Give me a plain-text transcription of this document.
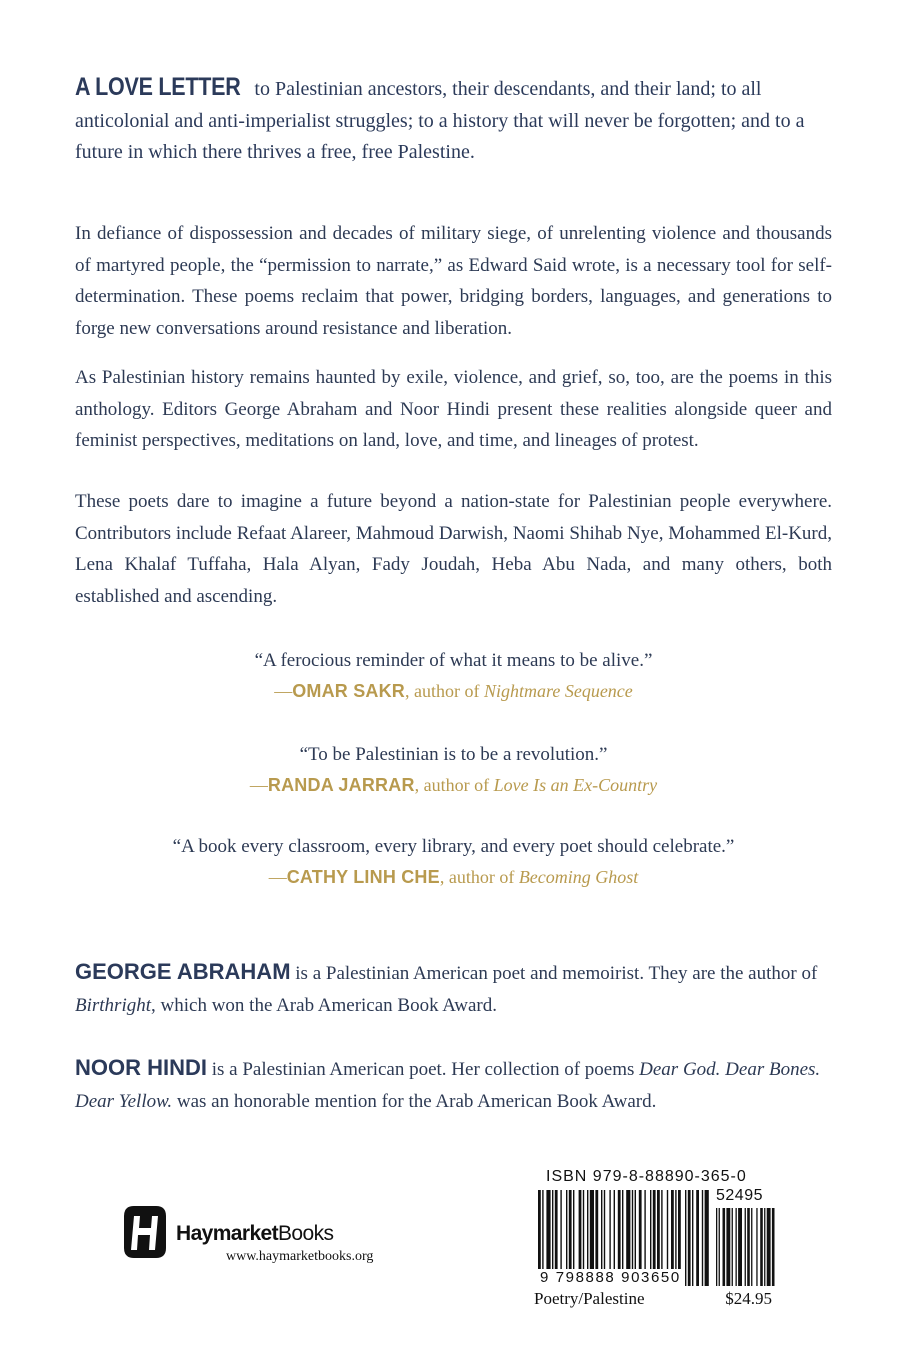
A LOVE LETTER to Palestinian ancestors, their descendants, and their land; to all anticolonial and anti-imperialist struggles; to a history that will never be forgotten; and to a future in which there thrives a free, free Palestine.
In defiance of dispossession and decades of military siege, of unrelenting violence and thousands of martyred people, the “permission to narrate,” as Edward Said wrote, is a necessary tool for self-determination. These poems reclaim that power, bridging borders, languages, and generations to forge new conversations around resistance and liberation.
As Palestinian history remains haunted by exile, violence, and grief, so, too, are the poems in this anthology. Editors George Abraham and Noor Hindi present these realities alongside queer and feminist perspectives, meditations on land, love, and time, and lineages of protest.
These poets dare to imagine a future beyond a nation-state for Palestinian people everywhere. Contributors include Refaat Alareer, Mahmoud Darwish, Naomi Shihab Nye, Mohammed El-Kurd, Lena Khalaf Tuffaha, Hala Alyan, Fady Joudah, Heba Abu Nada, and many others, both established and ascending.
“A ferocious reminder of what it means to be alive.”
—OMAR SAKR, author of Nightmare Sequence
“To be Palestinian is to be a revolution.”
—RANDA JARRAR, author of Love Is an Ex-Country
“A book every classroom, every library, and every poet should celebrate.”
—CATHY LINH CHE, author of Becoming Ghost
GEORGE ABRAHAM is a Palestinian American poet and memoirist. They are the author of Birthright, which won the Arab American Book Award.
NOOR HINDI is a Palestinian American poet. Her collection of poems Dear God. Dear Bones. Dear Yellow. was an honorable mention for the Arab American Book Award.
HaymarketBooks
www.haymarketbooks.org
ISBN 979-8-88890-365-0
52495
9 798888 903650
Poetry/Palestine	$24.95
